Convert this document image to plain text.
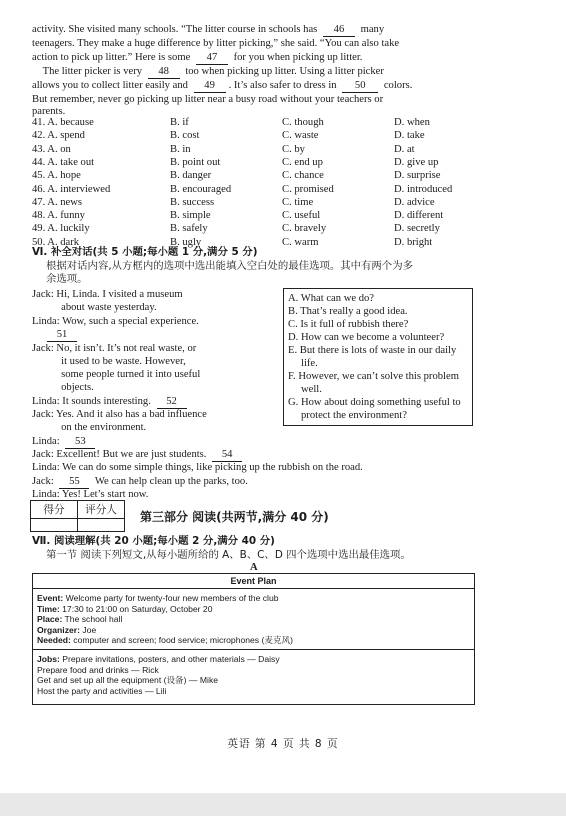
activity. She visited many schools. “The litter course in schools has 46 many
teenagers. They make a huge difference by litter picking,” she said. “You can also take
action to pick up litter.” Here is some 47 for you when picking up litter.
The litter picker is very 48 too when picking up litter. Using a litter picker
allows you to collect litter easily and 49 . It’s also safer to dress in 50 colors.
But remember, never go picking up litter near a busy road without your teachers or
parents.
41. A. because	B. if	C. though	D. when
42. A. spend	B. cost	C. waste	D. take
43. A. on	B. in	C. by	D. at
44. A. take out	B. point out	C. end up	D. give up
45. A. hope	B. danger	C. chance	D. surprise
46. A. interviewed	B. encouraged	C. promised	D. introduced
47. A. news	B. success	C. time	D. advice
48. A. funny	B. simple	C. useful	D. different
49. A. luckily	B. safely	C. bravely	D. secretly
50. A. dark	B. ugly	C. warm	D. bright
Ⅵ. 补全对话(共 5 小题;每小题 1 分,满分 5 分)
根据对话内容,从方框内的选项中选出能填入空白处的最佳选项。其中有两个为多
余选项。
Jack: Hi, Linda. I visited a museum
about waste yesterday.
Linda: Wow, such a special experience.
51
Jack: No, it isn’t. It’s not real waste, or
it used to be waste. However,
some people turned it into useful
objects.
Linda: It sounds interesting. 52
Jack: Yes. And it also has a bad influence
on the environment.
Linda: 53
Jack: Excellent! But we are just students. 54
Linda: We can do some simple things, like picking up the rubbish on the road.
Jack: 55 We can help clean up the parks, too.
Linda: Yes! Let’s start now.
A. What can we do?
B. That’s really a good idea.
C. Is it full of rubbish there?
D. How can we become a volunteer?
E. But there is lots of waste in our daily
life.
F. However, we can’t solve this problem
well.
G. How about doing something useful to
protect the environment?
得分	评分人
	第三部分 阅读(共两节,满分 40 分)
Ⅶ. 阅读理解(共 20 小题;每小题 2 分,满分 40 分)
第一节 阅读下列短文,从每小题所给的 A、B、C、D 四个选项中选出最佳选项。
A
Event Plan
Event: Welcome party for twenty-four new members of the club
Time: 17:30 to 21:00 on Saturday, October 20
Place: The school hall
Organizer: Joe
Needed: computer and screen; food service; microphones (麦克风)
Jobs: Prepare invitations, posters, and other materials — Daisy
Prepare food and drinks — Rick
Get and set up all the equipment (设备) — Mike
Host the party and activities — Lili
英语 第 4 页 共 8 页
